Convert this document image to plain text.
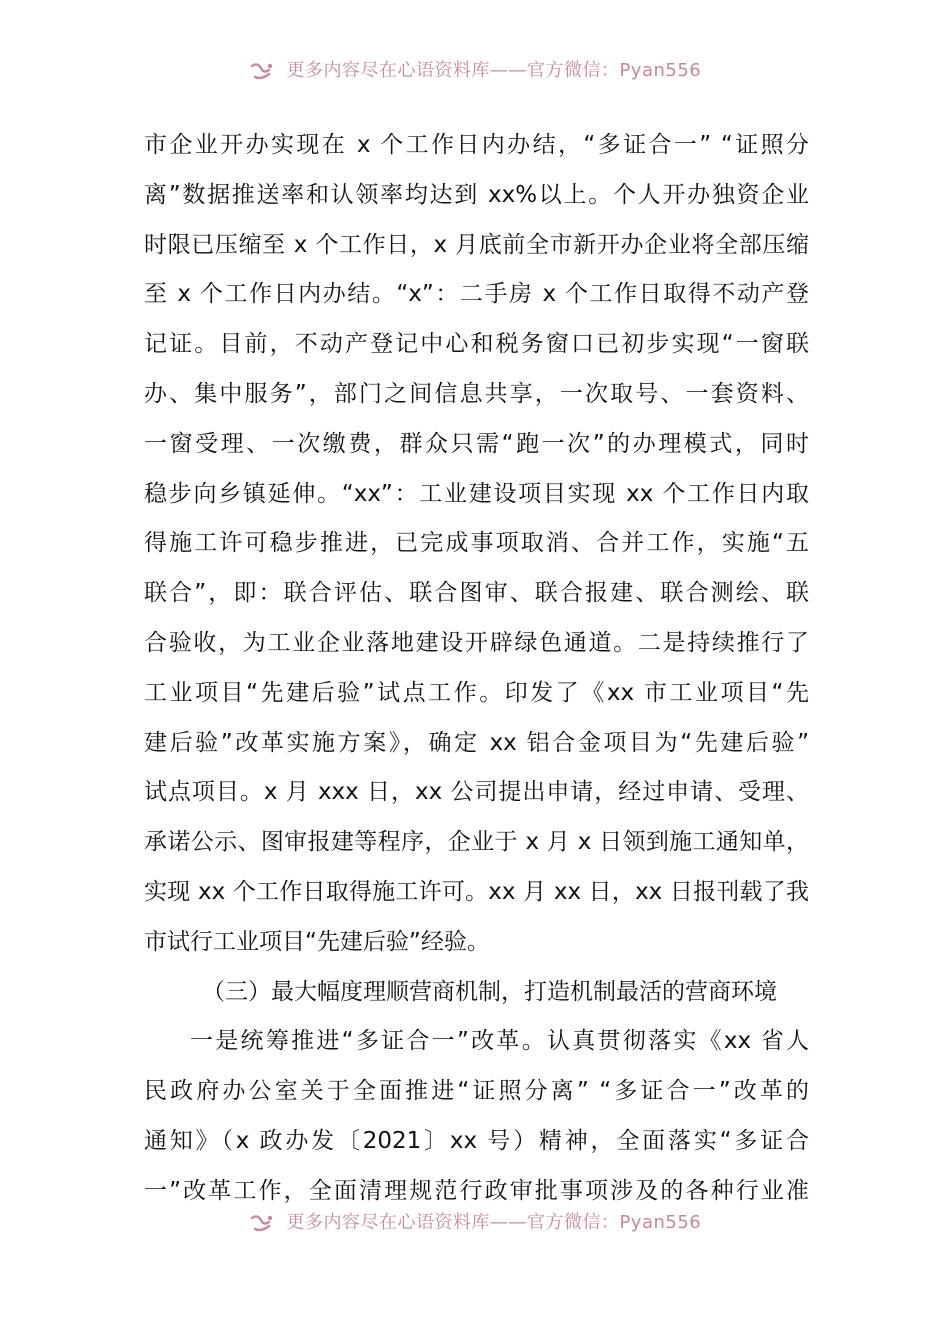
更多内容尽在心语资料库——官方微信：Pyan556
市企业开办实现在 x 个工作日内办结，“多证合一” “证照分
离”数据推送率和认领率均达到 xx%以上。个人开办独资企业
时限已压缩至 x 个工作日，x 月底前全市新开办企业将全部压缩
至 x 个工作日内办结。“x”：二手房 x 个工作日取得不动产登
记证。目前，不动产登记中心和税务窗口已初步实现“一窗联
办、集中服务”，部门之间信息共享，一次取号、一套资料、
一窗受理、一次缴费，群众只需“跑一次”的办理模式，同时
稳步向乡镇延伸。“xx”：工业建设项目实现 xx 个工作日内取
得施工许可稳步推进，已完成事项取消、合并工作，实施“五
联合”，即：联合评估、联合图审、联合报建、联合测绘、联
合验收，为工业企业落地建设开辟绿色通道。二是持续推行了
工业项目“先建后验”试点工作。印发了《xx 市工业项目“先
建后验”改革实施方案》，确定 xx 铝合金项目为“先建后验”
试点项目。x 月 xxx 日，xx 公司提出申请，经过申请、受理、
承诺公示、图审报建等程序，企业于 x 月 x 日领到施工通知单，
实现 xx 个工作日取得施工许可。xx 月 xx 日，xx 日报刊载了我
市试行工业项目“先建后验”经验。
（三）最大幅度理顺营商机制，打造机制最活的营商环境
一是统筹推进“多证合一”改革。认真贯彻落实《xx 省人
民政府办公室关于全面推进“证照分离” “多证合一”改革的
通知》（x 政办发〔2021〕xx 号）精神，全面落实“多证合
一”改革工作，全面清理规范行政审批事项涉及的各种行业准
更多内容尽在心语资料库——官方微信：Pyan556
